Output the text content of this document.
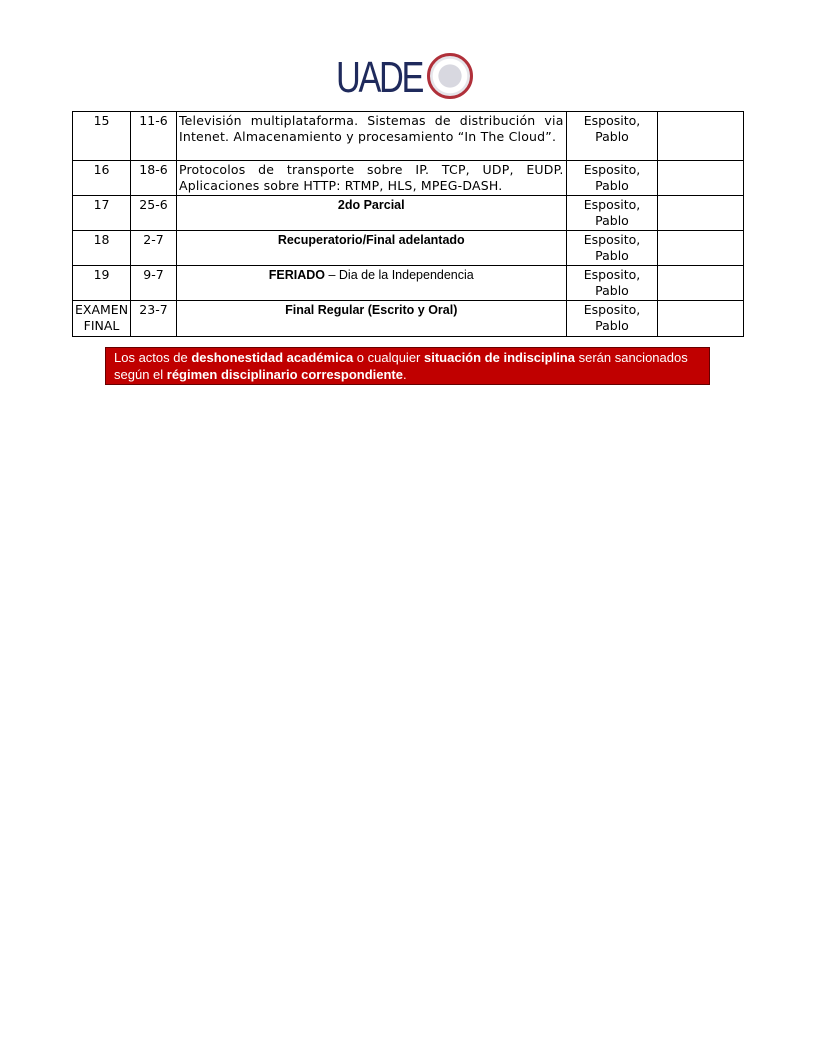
UADE
15	11-6	Televisión multiplataforma. Sistemas de distribución via Intenet. Almacenamiento y procesamiento “In The Cloud”.	Esposito, Pablo	
16	18-6	Protocolos de transporte sobre IP. TCP, UDP, EUDP. Aplicaciones sobre HTTP: RTMP, HLS, MPEG-DASH.	Esposito, Pablo	
17	25-6	2do Parcial	Esposito, Pablo	
18	2-7	Recuperatorio/Final adelantado	Esposito, Pablo	
19	9-7	FERIADO – Dia de la Independencia	Esposito, Pablo	
EXAMEN FINAL	23-7	Final Regular (Escrito y Oral)	Esposito, Pablo	
Los actos de deshonestidad académica o cualquier situación de indisciplina serán sancionados según el régimen disciplinario correspondiente.
